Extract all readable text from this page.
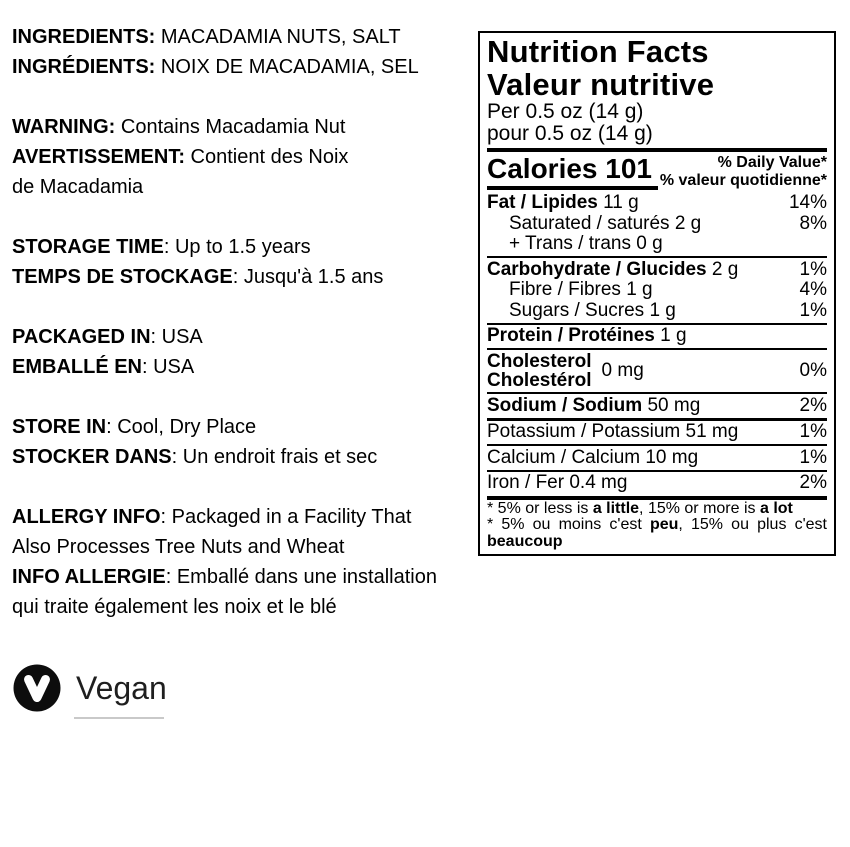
INGREDIENTS: MACADAMIA NUTS, SALT
INGRÉDIENTS: NOIX DE MACADAMIA, SEL
WARNING: Contains Macadamia Nut
AVERTISSEMENT: Contient des Noix
de Macadamia
STORAGE TIME: Up to 1.5 years
TEMPS DE STOCKAGE: Jusqu'à 1.5 ans
PACKAGED IN: USA
EMBALLÉ EN: USA
STORE IN: Cool, Dry Place
STOCKER DANS: Un endroit frais et sec
ALLERGY INFO: Packaged in a Facility That
Also Processes Tree Nuts and Wheat
INFO ALLERGIE: Emballé dans une installation
qui traite également les noix et le blé
Nutrition Facts
Valeur nutritive
Per 0.5 oz (14 g)
pour 0.5 oz (14 g)
Calories 101	% Daily Value*
% valeur quotidienne*
Fat / Lipides 11 g	14%
Saturated / saturés 2 g	8%
+ Trans / trans 0 g
Carbohydrate / Glucides 2 g	1%
Fibre / Fibres 1 g	4%
Sugars / Sucres 1 g	1%
Protein / Protéines 1 g
Cholesterol
Cholestérol 0 mg	0%
Sodium / Sodium 50 mg	2%
Potassium / Potassium 51 mg	1%
Calcium / Calcium 10 mg	1%
Iron / Fer 0.4 mg	2%
* 5% or less is a little, 15% or more is a lot
* 5% ou moins c'est peu, 15% ou plus c'est beaucoup
Vegan
